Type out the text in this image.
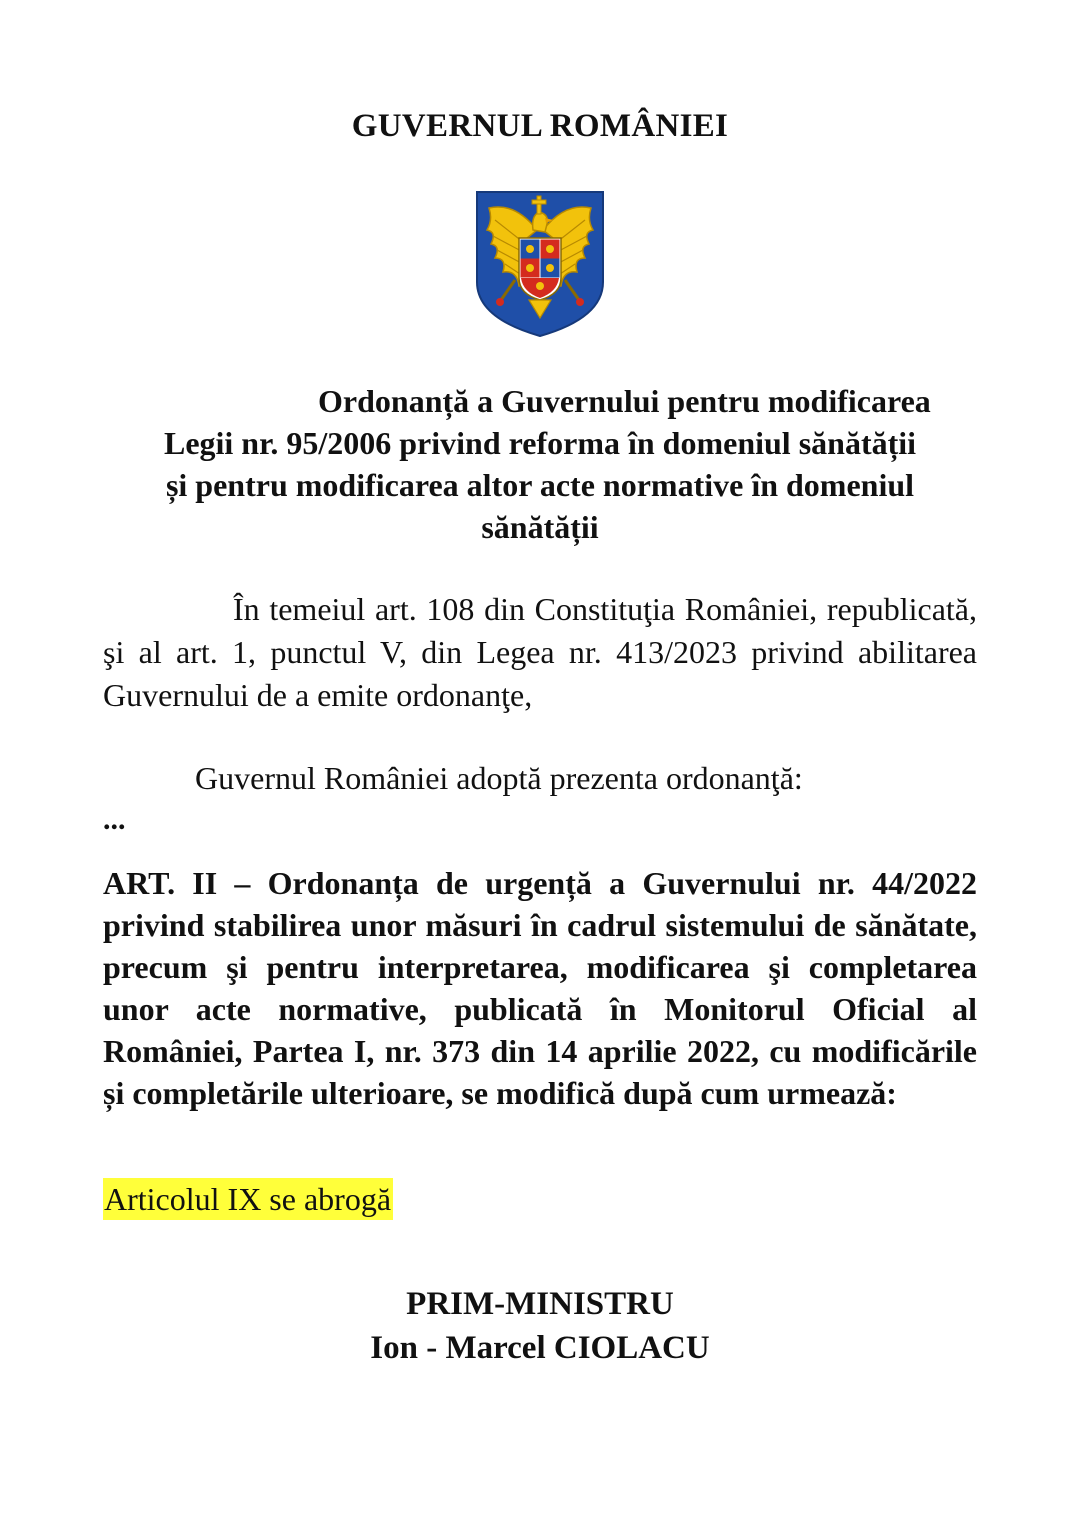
GUVERNUL ROMÂNIEI
Ordonanță a Guvernului pentru modificarea
Legii nr. 95/2006 privind reforma în domeniul sănătății
și pentru modificarea altor acte normative în domeniul
sănătății
În temeiul art. 108 din Constituţia României, republicată, şi al art. 1, punctul V, din Legea nr. 413/2023 privind abilitarea Guvernului de a emite ordonanţe,
Guvernul României adoptă prezenta ordonanţă:
...
ART. II – Ordonanța de urgență a Guvernului nr. 44/2022 privind stabilirea unor măsuri în cadrul sistemului de sănătate, precum şi pentru interpretarea, modificarea şi completarea unor acte normative, publicată în Monitorul Oficial al României, Partea I, nr. 373 din 14 aprilie 2022, cu modificările și completările ulterioare, se modifică după cum urmează:
Articolul IX se abrogă
PRIM-MINISTRU
Ion - Marcel CIOLACU
